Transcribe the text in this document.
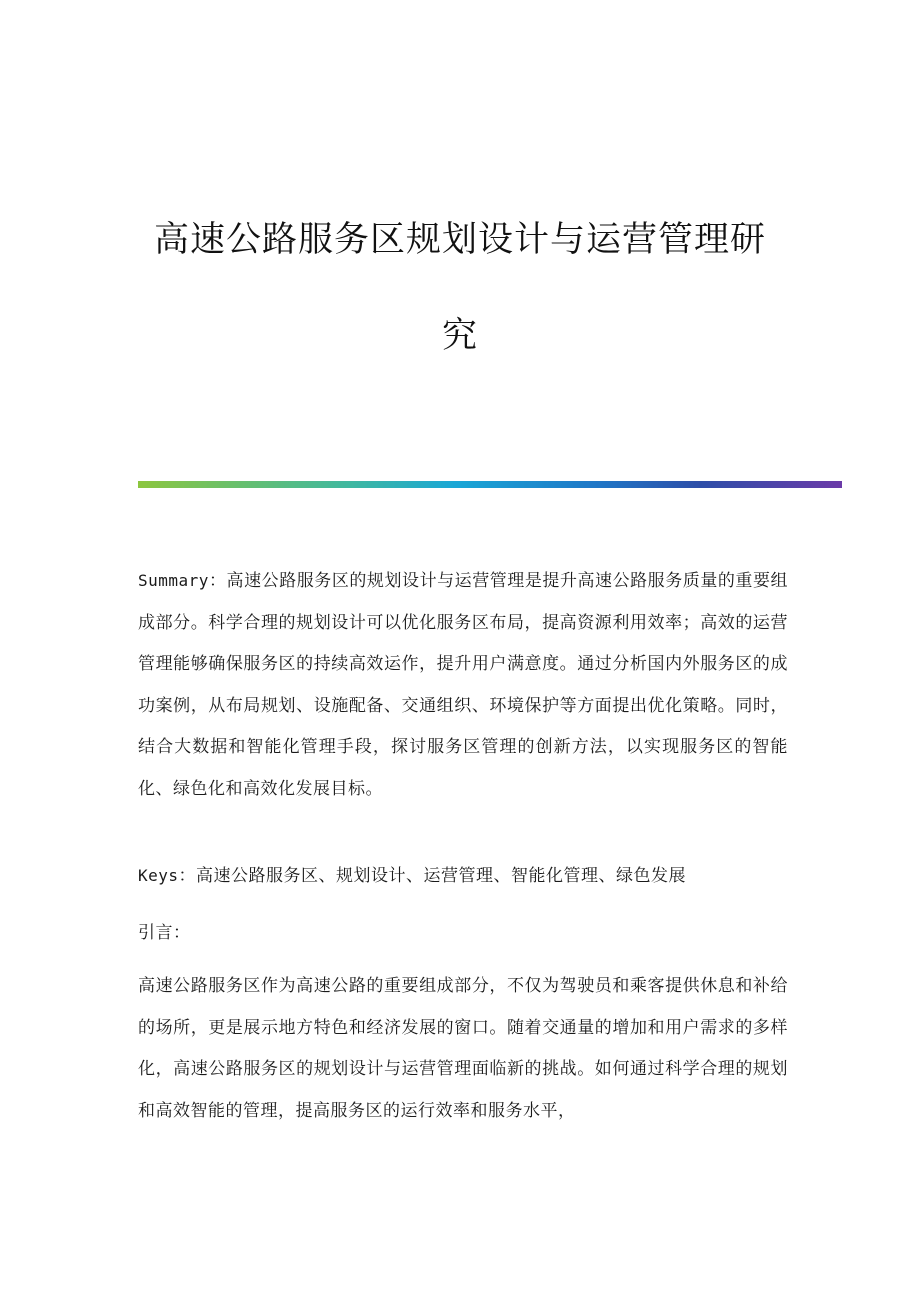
高速公路服务区规划设计与运营管理研
究
Summary：高速公路服务区的规划设计与运营管理是提升高速公路服务质量的重要组成部分。科学合理的规划设计可以优化服务区布局，提高资源利用效率；高效的运营管理能够确保服务区的持续高效运作，提升用户满意度。通过分析国内外服务区的成功案例，从布局规划、设施配备、交通组织、环境保护等方面提出优化策略。同时，结合大数据和智能化管理手段，探讨服务区管理的创新方法，以实现服务区的智能化、绿色化和高效化发展目标。
Keys：高速公路服务区、规划设计、运营管理、智能化管理、绿色发展
引言：
高速公路服务区作为高速公路的重要组成部分，不仅为驾驶员和乘客提供休息和补给的场所，更是展示地方特色和经济发展的窗口。随着交通量的增加和用户需求的多样化，高速公路服务区的规划设计与运营管理面临新的挑战。如何通过科学合理的规划和高效智能的管理，提高服务区的运行效率和服务水平，
